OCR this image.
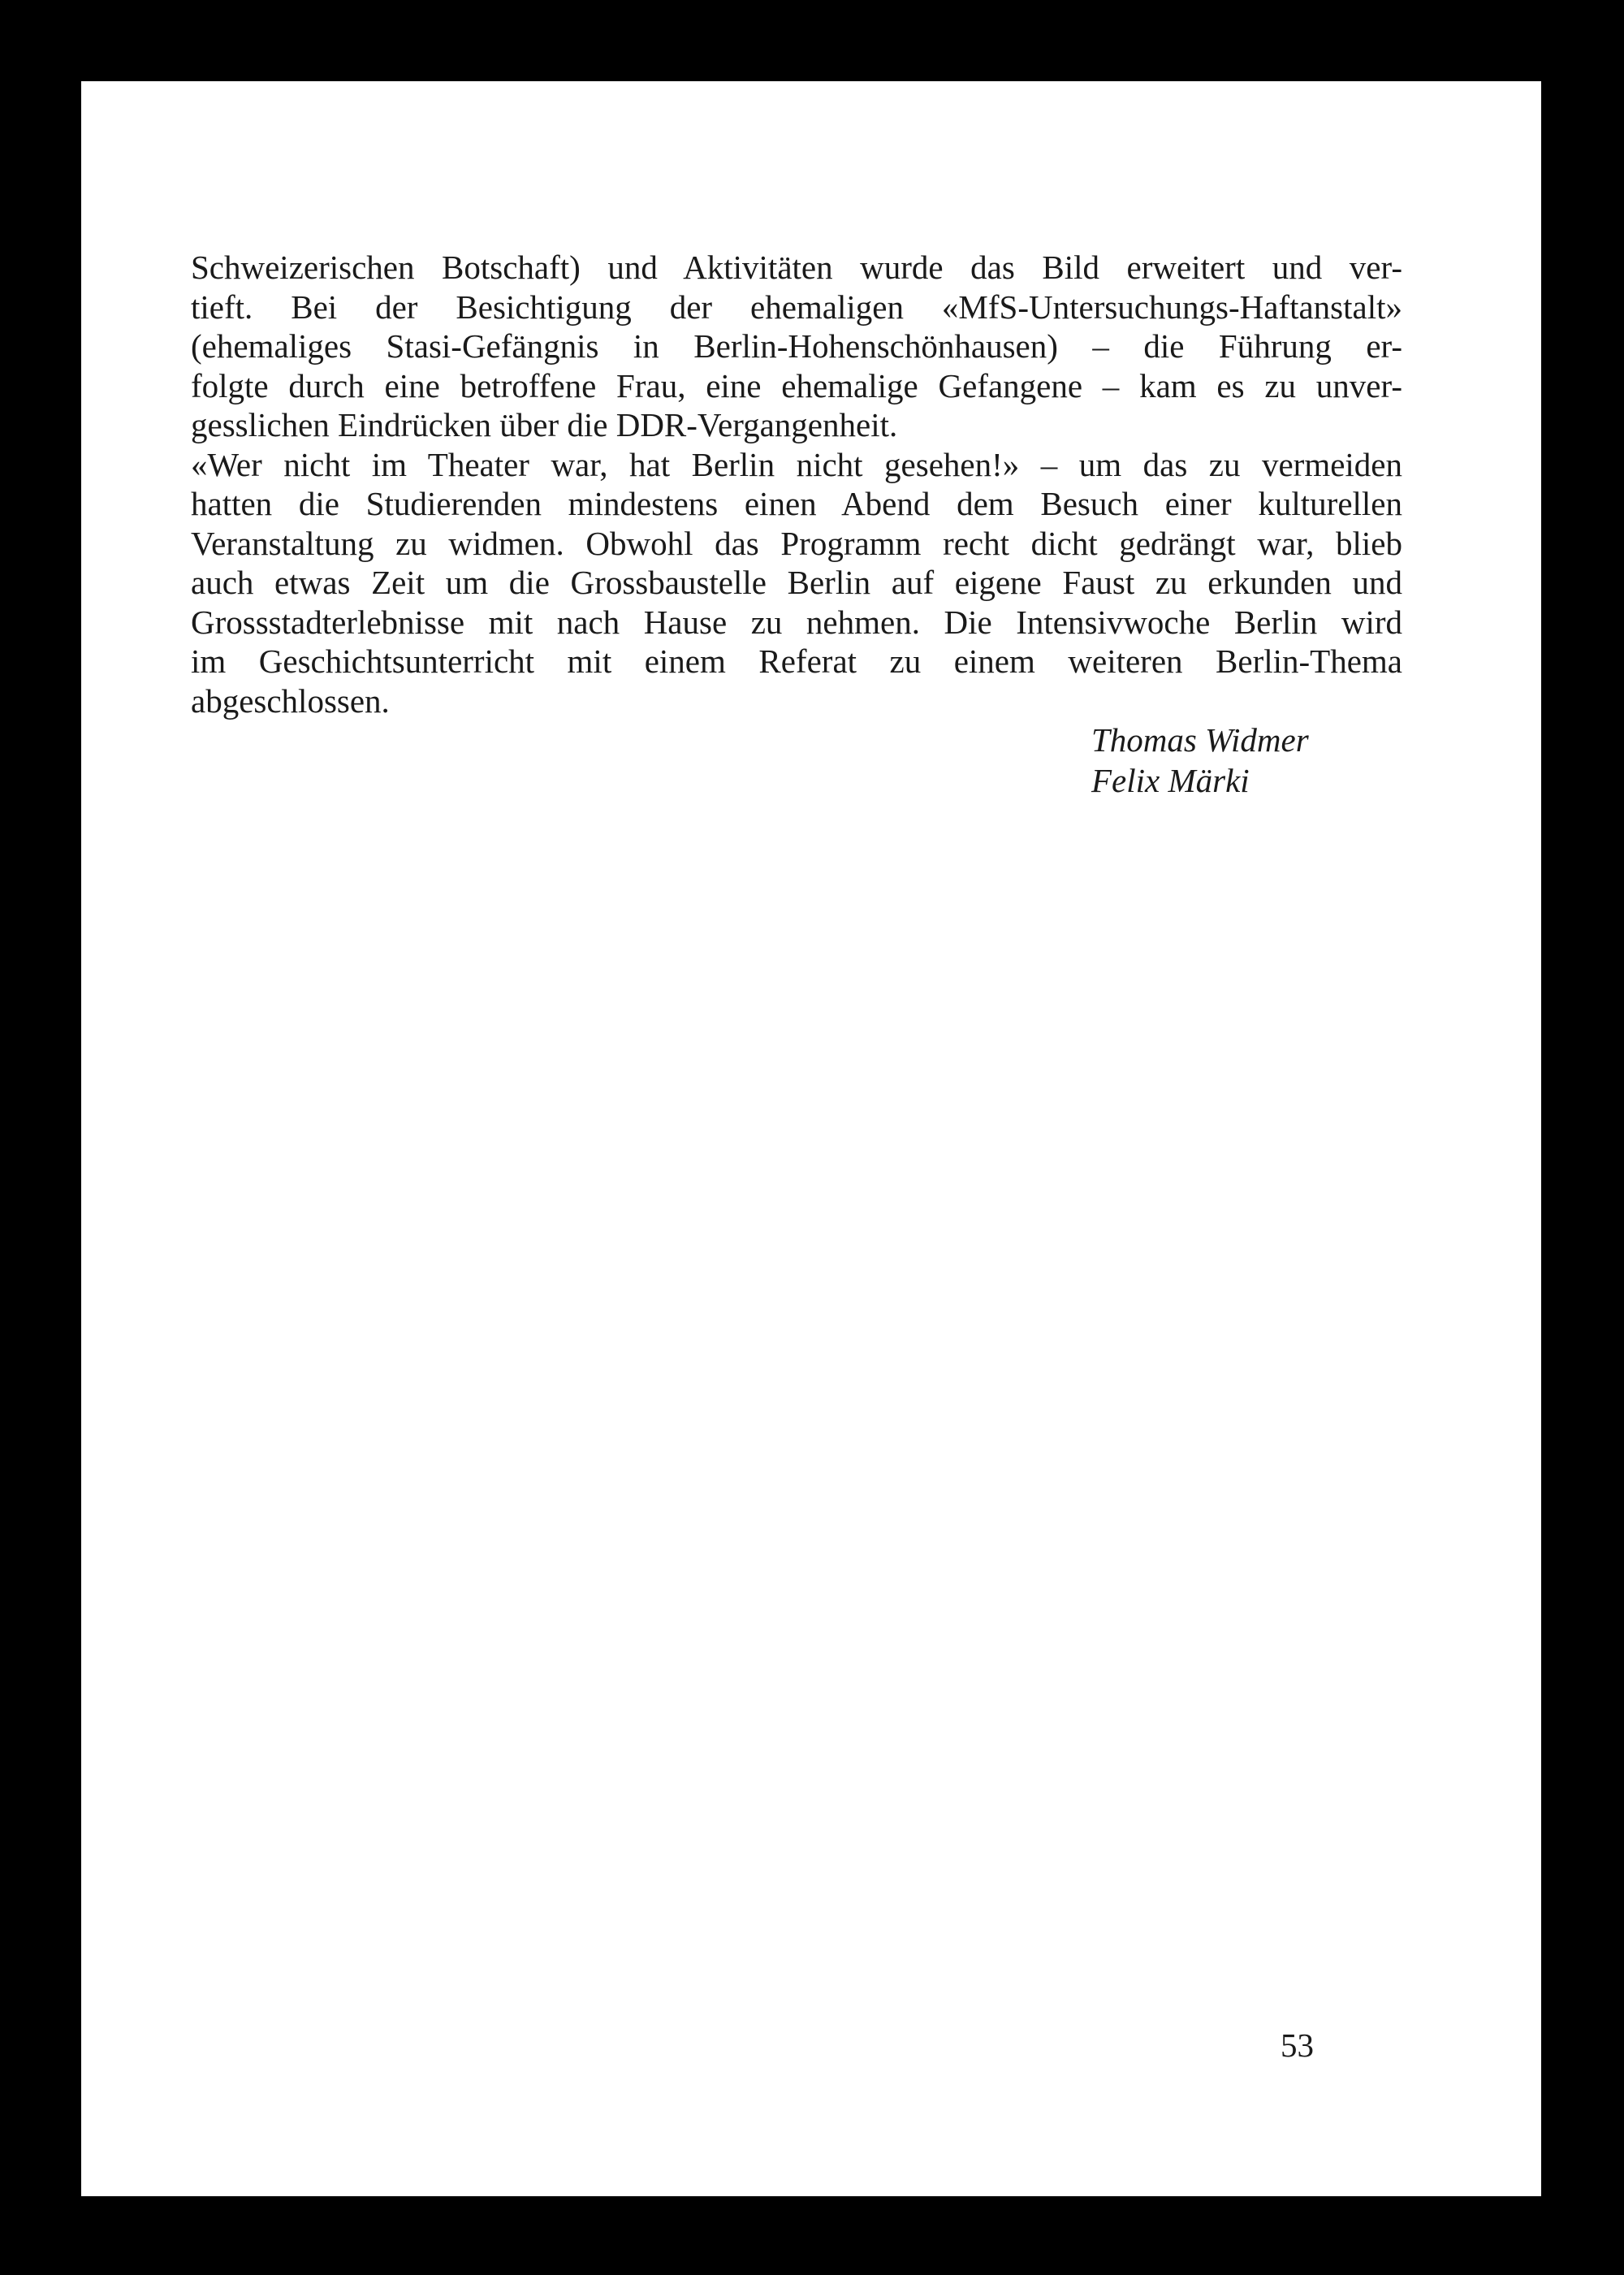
Schweizerischen Botschaft) und Aktivitäten wurde das Bild erweitert und ver-
tieft. Bei der Besichtigung der ehemaligen «MfS-Untersuchungs-Haftanstalt»
(ehemaliges Stasi-Gefängnis in Berlin-Hohenschönhausen) – die Führung er-
folgte durch eine betroffene Frau, eine ehemalige Gefangene – kam es zu unver-
gesslichen Eindrücken über die DDR-Vergangenheit.
«Wer nicht im Theater war, hat Berlin nicht gesehen!» – um das zu vermeiden
hatten die Studierenden mindestens einen Abend dem Besuch einer kulturellen
Veranstaltung zu widmen. Obwohl das Programm recht dicht gedrängt war, blieb
auch etwas Zeit um die Grossbaustelle Berlin auf eigene Faust zu erkunden und
Grossstadterlebnisse mit nach Hause zu nehmen. Die Intensivwoche Berlin wird
im Geschichtsunterricht mit einem Referat zu einem weiteren Berlin-Thema
abgeschlossen.
Thomas Widmer
Felix Märki
53
